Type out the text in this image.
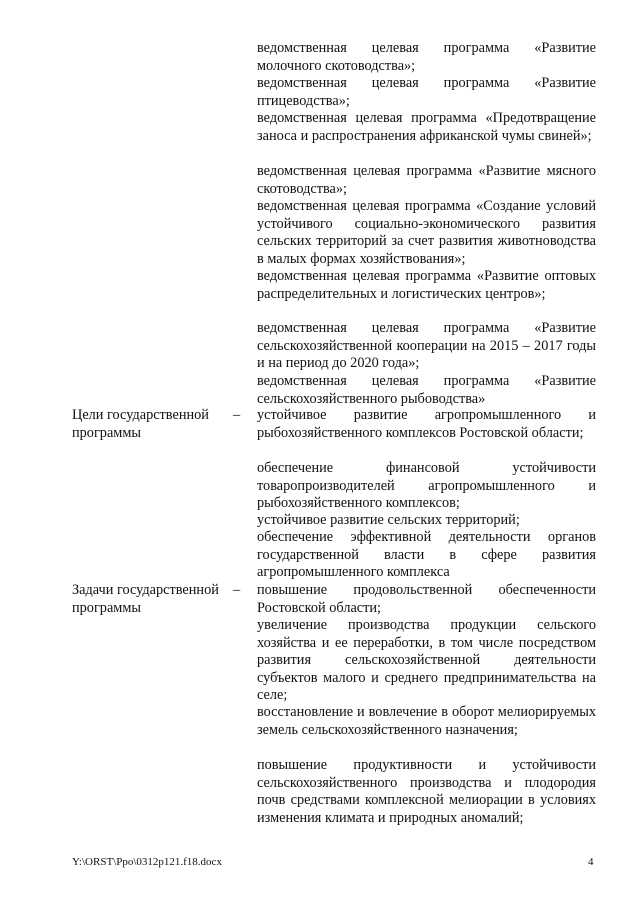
ведомственная целевая программа «Развитие молочного скотоводства»;
ведомственная целевая программа «Развитие птицеводства»;
ведомственная целевая программа «Предотвращение заноса и распространения африканской чумы свиней»;
ведомственная целевая программа «Развитие мясного скотоводства»;
ведомственная целевая программа «Создание условий устойчивого социально-экономического развития сельских территорий за счет развития животноводства в малых формах хозяйствования»;
ведомственная целевая программа «Развитие оптовых распределительных и логистических центров»;
ведомственная целевая программа «Развитие сельскохозяйственной кооперации на 2015 – 2017 годы и на период до 2020 года»;
ведомственная целевая программа «Развитие сельскохозяйственного рыбоводства»
Цели государственной программы
– устойчивое развитие агропромышленного и рыбохозяйственного комплексов Ростовской области;
обеспечение финансовой устойчивости товаропроизводителей агропромышленного и рыбохозяйственного комплексов;
устойчивое развитие сельских территорий;
обеспечение эффективной деятельности органов государственной власти в сфере развития агропромышленного комплекса
Задачи государственной программы
– повышение продовольственной обеспеченности Ростовской области;
увеличение производства продукции сельского хозяйства и ее переработки, в том числе посредством развития сельскохозяйственной деятельности субъектов малого и среднего предпринимательства на селе;
восстановление и вовлечение в оборот мелиорируемых земель сельскохозяйственного назначения;
повышение продуктивности и устойчивости сельскохозяйственного производства и плодородия почв средствами комплексной мелиорации в условиях изменения климата и природных аномалий;
Y:\ORST\Ppo\0312p121.f18.docx	4
